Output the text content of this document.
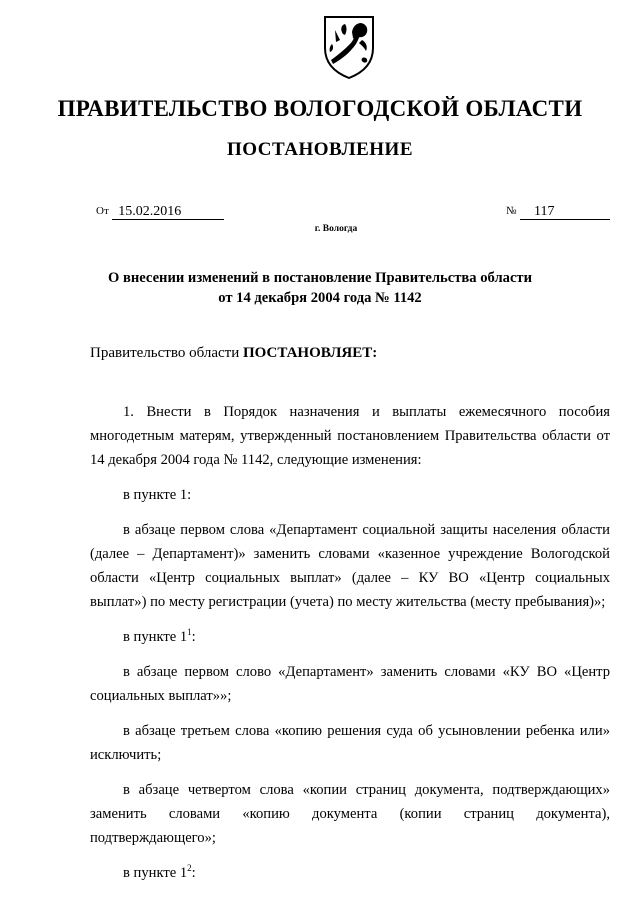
ПРАВИТЕЛЬСТВО ВОЛОГОДСКОЙ ОБЛАСТИ
ПОСТАНОВЛЕНИЕ
От 15.02.2016	№ 117
г. Вологда
О внесении изменений в постановление Правительства области
от 14 декабря 2004 года № 1142
Правительство области ПОСТАНОВЛЯЕТ:

1. Внести в Порядок назначения и выплаты ежемесячного пособия многодетным матерям, утвержденный постановлением Правительства области от 14 декабря 2004 года № 1142, следующие изменения:

в пункте 1:

в абзаце первом слова «Департамент социальной защиты населения области (далее – Департамент)» заменить словами «казенное учреждение Вологодской области «Центр социальных выплат» (далее – КУ ВО «Центр социальных выплат») по месту регистрации (учета) по месту жительства (месту пребывания)»;

в пункте $1^1$:

в абзаце первом слово «Департамент» заменить словами «КУ ВО «Центр социальных выплат»»;

в абзаце третьем слова «копию решения суда об усыновлении ребенка или» исключить;

в абзаце четвертом слова «копии страниц документа, подтверждающих» заменить словами «копию документа (копии страниц документа), подтверждающего»;

в пункте $1^2$:
